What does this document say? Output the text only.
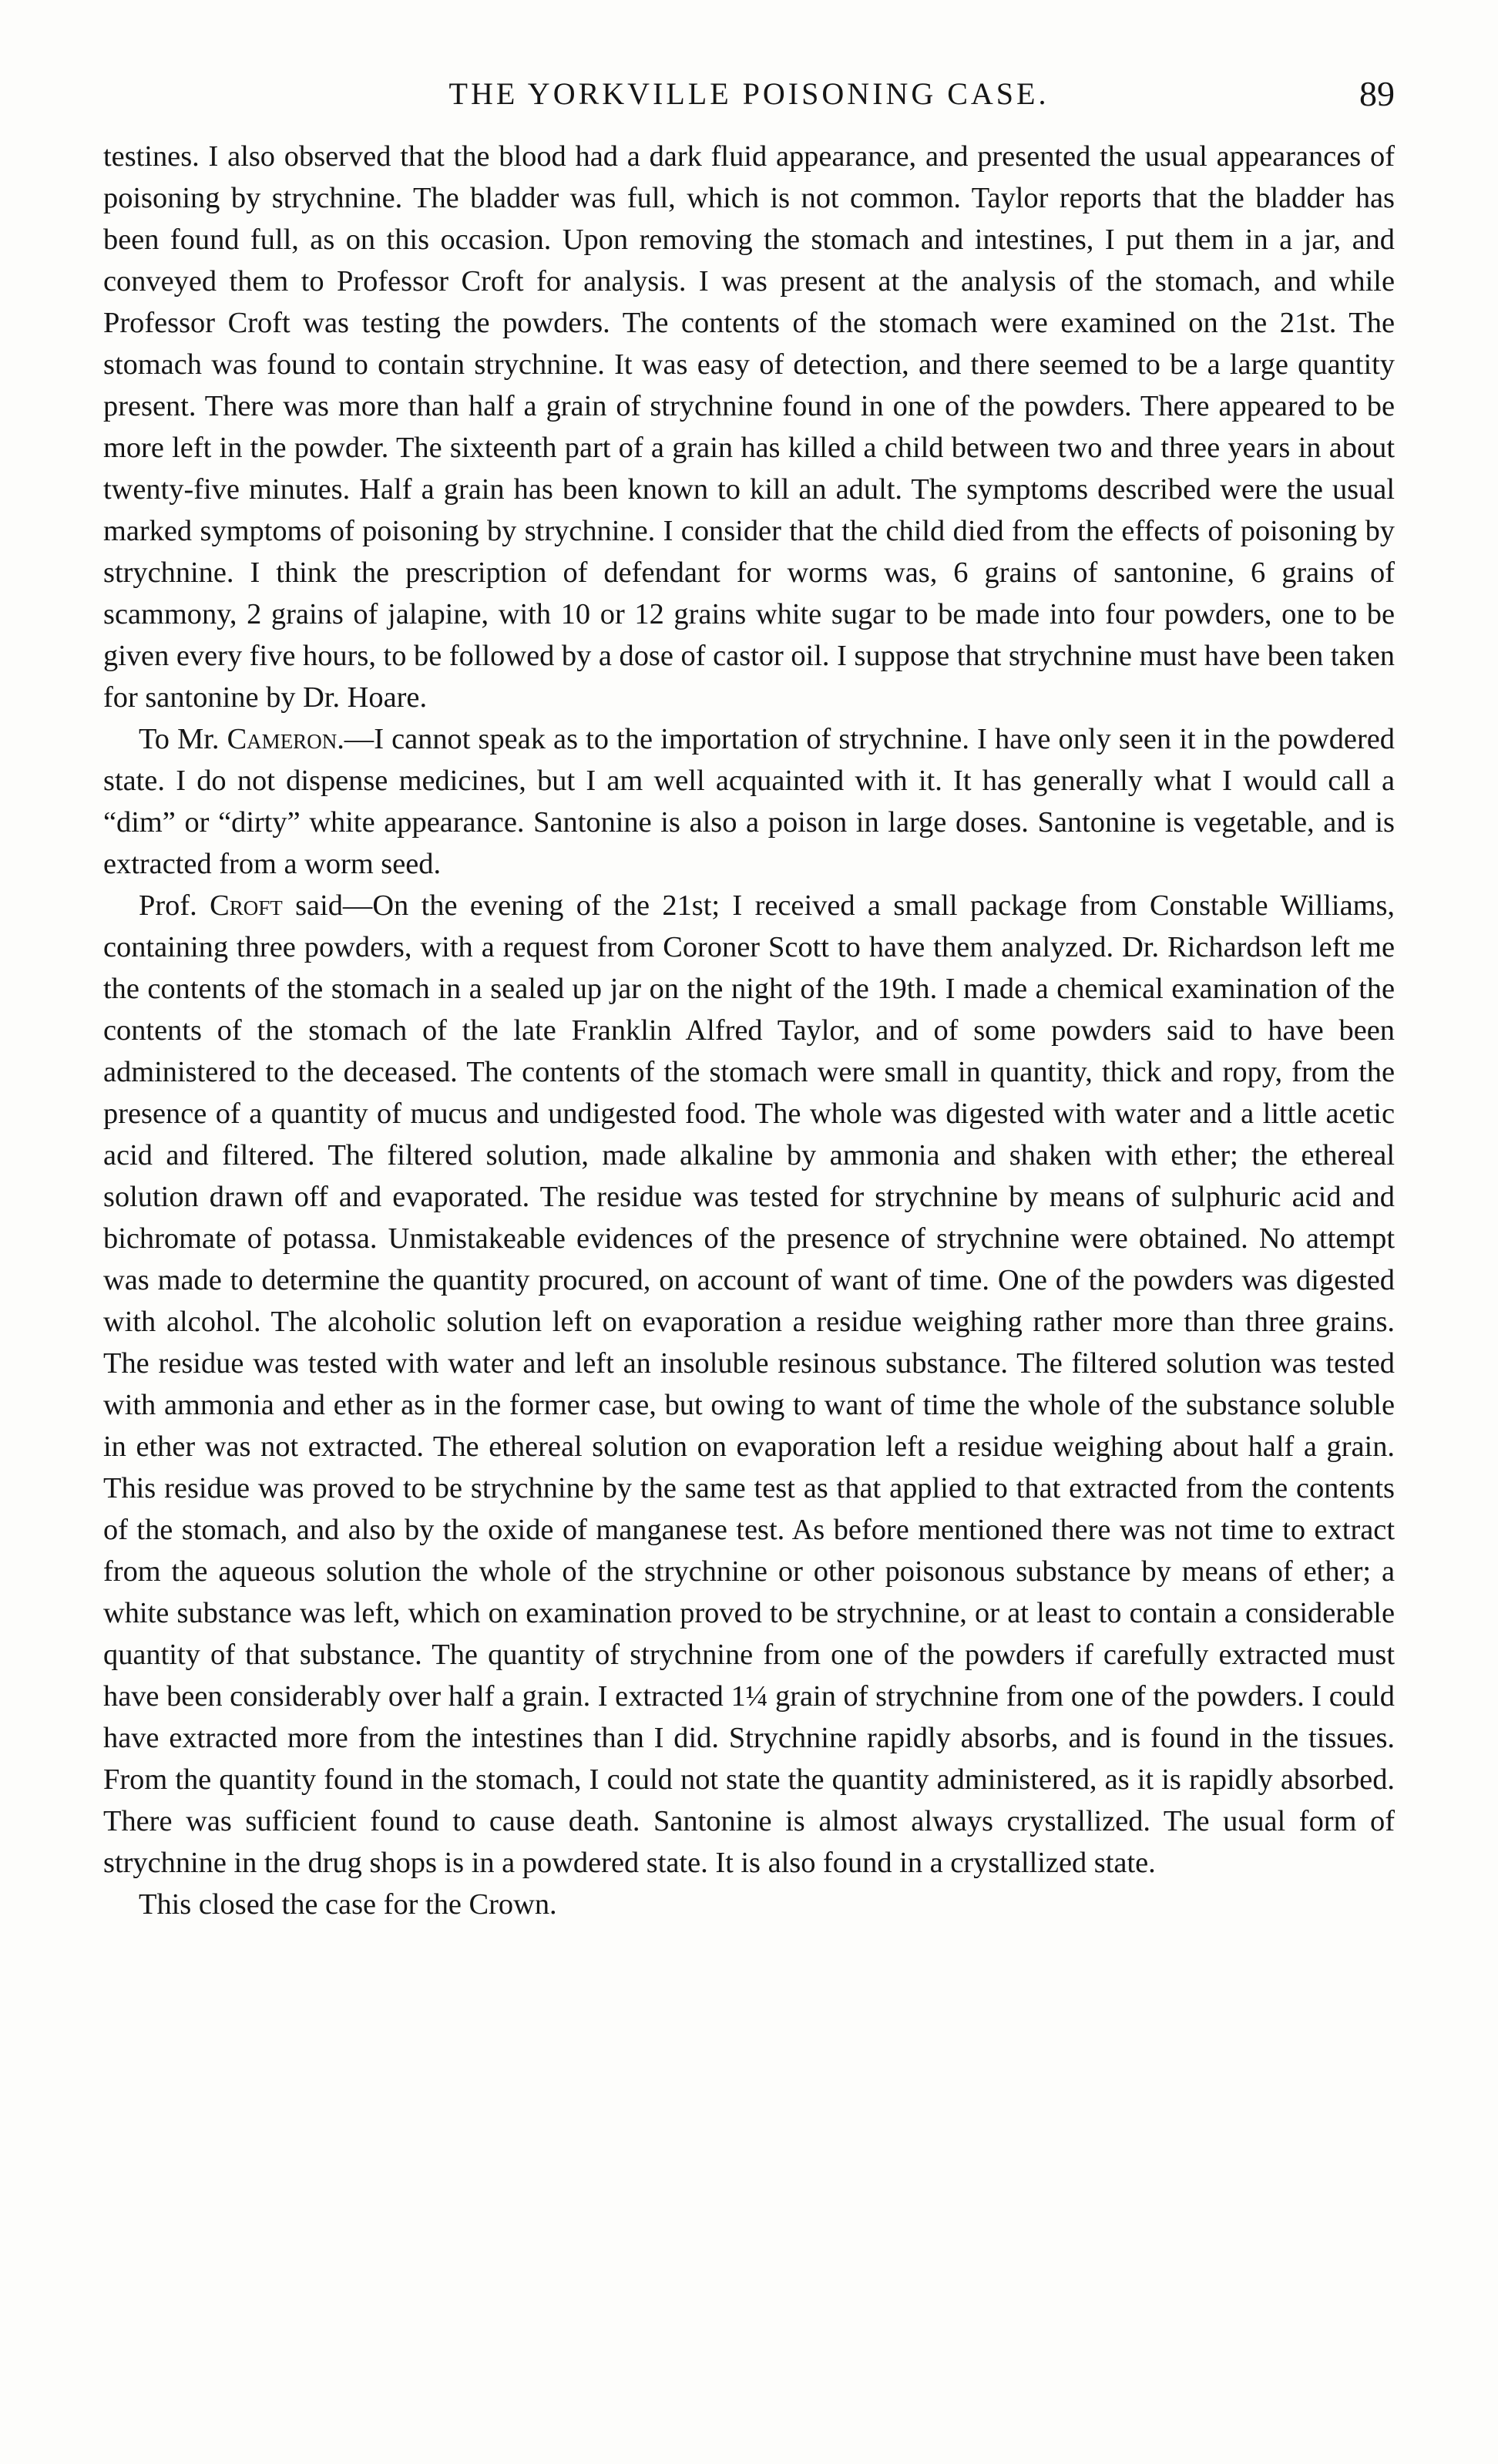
THE YORKVILLE POISONING CASE.	89

testines. I also observed that the blood had a dark fluid appearance, and presented the usual appearances of poisoning by strychnine. The bladder was full, which is not common. Taylor reports that the bladder has been found full, as on this occasion. Upon removing the stomach and intestines, I put them in a jar, and conveyed them to Professor Croft for analysis. I was present at the analysis of the stomach, and while Professor Croft was testing the powders. The contents of the stomach were examined on the 21st. The stomach was found to contain strychnine. It was easy of detection, and there seemed to be a large quantity present. There was more than half a grain of strychnine found in one of the powders. There appeared to be more left in the powder. The sixteenth part of a grain has killed a child between two and three years in about twenty-five minutes. Half a grain has been known to kill an adult. The symptoms described were the usual marked symptoms of poisoning by strychnine. I consider that the child died from the effects of poisoning by strychnine. I think the prescription of defendant for worms was, 6 grains of santonine, 6 grains of scammony, 2 grains of jalapine, with 10 or 12 grains white sugar to be made into four powders, one to be given every five hours, to be followed by a dose of castor oil. I suppose that strychnine must have been taken for santonine by Dr. Hoare.

To Mr. Cameron.—I cannot speak as to the importation of strychnine. I have only seen it in the powdered state. I do not dispense medicines, but I am well acquainted with it. It has generally what I would call a “dim” or “dirty” white appearance. Santonine is also a poison in large doses. Santonine is vegetable, and is extracted from a worm seed.

Prof. Croft said—On the evening of the 21st; I received a small package from Constable Williams, containing three powders, with a request from Coroner Scott to have them analyzed. Dr. Richardson left me the contents of the stomach in a sealed up jar on the night of the 19th. I made a chemical examination of the contents of the stomach of the late Franklin Alfred Taylor, and of some powders said to have been administered to the deceased. The contents of the stomach were small in quantity, thick and ropy, from the presence of a quantity of mucus and undigested food. The whole was digested with water and a little acetic acid and filtered. The filtered solution, made alkaline by ammonia and shaken with ether; the ethereal solution drawn off and evaporated. The residue was tested for strychnine by means of sulphuric acid and bichromate of potassa. Unmistakeable evidences of the presence of strychnine were obtained. No attempt was made to determine the quantity procured, on account of want of time. One of the powders was digested with alcohol. The alcoholic solution left on evaporation a residue weighing rather more than three grains. The residue was tested with water and left an insoluble resinous substance. The filtered solution was tested with ammonia and ether as in the former case, but owing to want of time the whole of the substance soluble in ether was not extracted. The ethereal solution on evaporation left a residue weighing about half a grain. This residue was proved to be strychnine by the same test as that applied to that extracted from the contents of the stomach, and also by the oxide of manganese test. As before mentioned there was not time to extract from the aqueous solution the whole of the strychnine or other poisonous substance by means of ether; a white substance was left, which on examination proved to be strychnine, or at least to contain a considerable quantity of that substance. The quantity of strychnine from one of the powders if carefully extracted must have been considerably over half a grain. I extracted 1¼ grain of strychnine from one of the powders. I could have extracted more from the intestines than I did. Strychnine rapidly absorbs, and is found in the tissues. From the quantity found in the stomach, I could not state the quantity administered, as it is rapidly absorbed. There was sufficient found to cause death. Santonine is almost always crystallized. The usual form of strychnine in the drug shops is in a powdered state. It is also found in a crystallized state.

This closed the case for the Crown.
